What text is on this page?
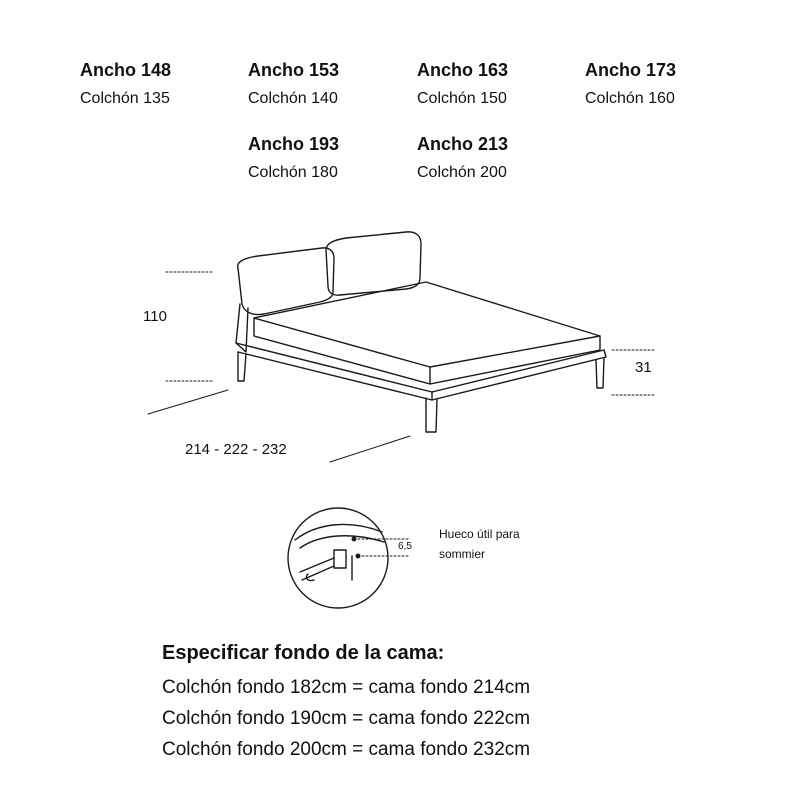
Ancho 148
Colchón 135
Ancho 153
Colchón 140
Ancho 163
Colchón 150
Ancho 173
Colchón 160
Ancho 193
Colchón 180
Ancho 213
Colchón 200
110
31
214 - 222 - 232
6,5
Hueco útil para
sommier
Especificar fondo de la cama:
Colchón fondo 182cm = cama fondo 214cm
Colchón fondo 190cm = cama fondo 222cm
Colchón fondo 200cm = cama fondo 232cm
